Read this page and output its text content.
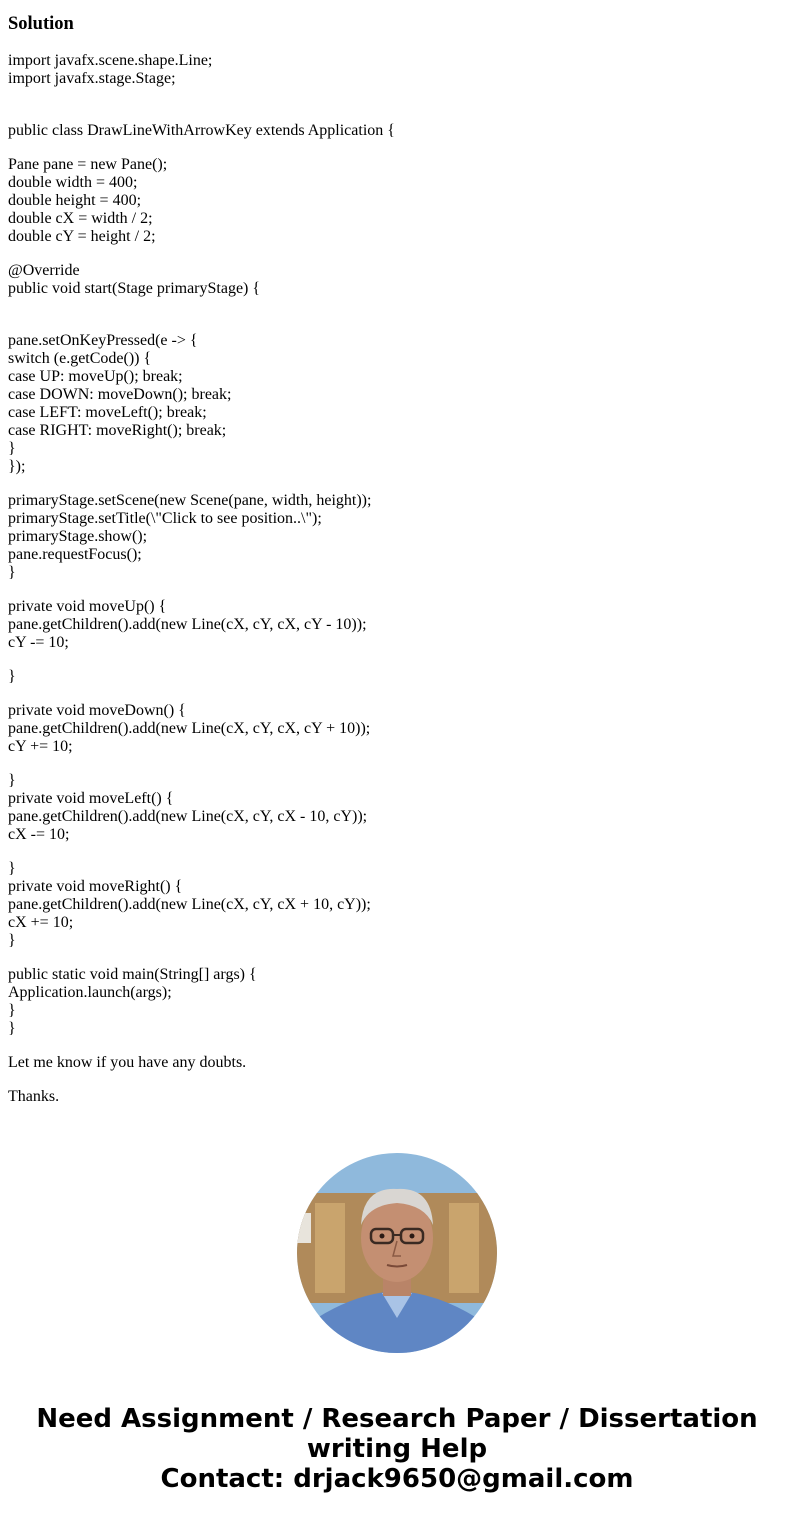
Solution
import javafx.scene.shape.Line;
import javafx.stage.Stage;
public class DrawLineWithArrowKey extends Application {
Pane pane = new Pane();
double width = 400;
double height = 400;
double cX = width / 2;
double cY = height / 2;
@Override
public void start(Stage primaryStage) {
pane.setOnKeyPressed(e -> {
switch (e.getCode()) {
case UP: moveUp(); break;
case DOWN: moveDown(); break;
case LEFT: moveLeft(); break;
case RIGHT: moveRight(); break;
}
});
primaryStage.setScene(new Scene(pane, width, height));
primaryStage.setTitle(\"Click to see position..\");
primaryStage.show();
pane.requestFocus();
}
private void moveUp() {
pane.getChildren().add(new Line(cX, cY, cX, cY - 10));
cY -= 10;
}
private void moveDown() {
pane.getChildren().add(new Line(cX, cY, cX, cY + 10));
cY += 10;
}
private void moveLeft() {
pane.getChildren().add(new Line(cX, cY, cX - 10, cY));
cX -= 10;
}
private void moveRight() {
pane.getChildren().add(new Line(cX, cY, cX + 10, cY));
cX += 10;
}
public static void main(String[] args) {
Application.launch(args);
}
}
Let me know if you have any doubts.
Thanks.
Need Assignment / Research Paper / Dissertation
writing Help
Contact: drjack9650@gmail.com
